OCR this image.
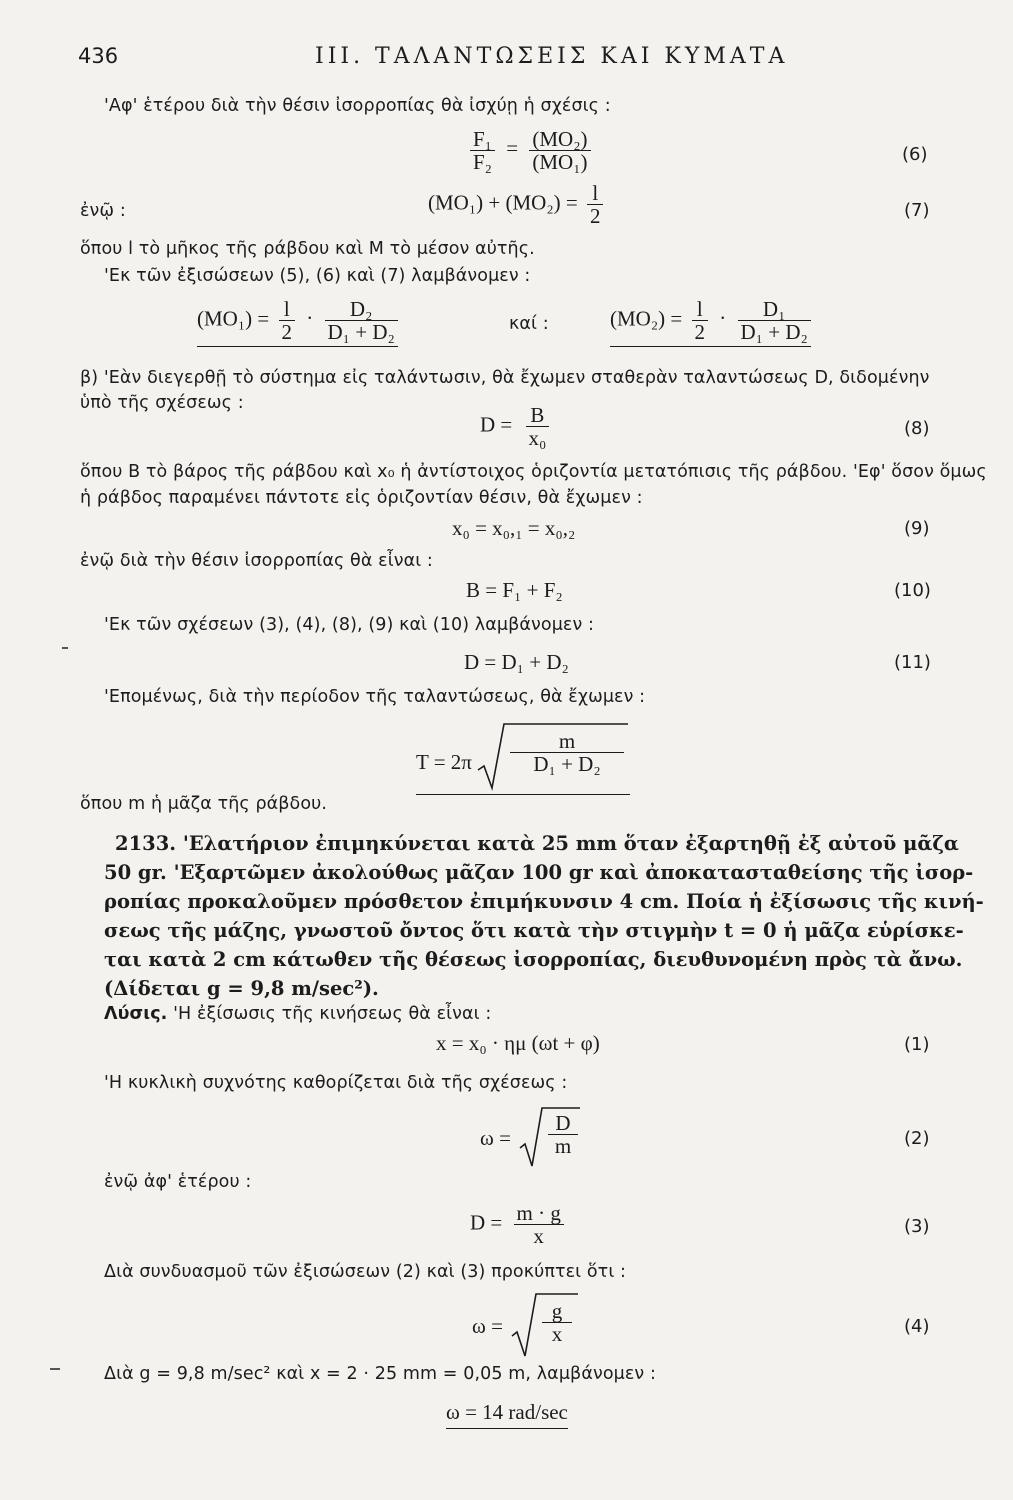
436	ΙΙΙ. ΤΑΛΑΝΤΩΣΕΙΣ ΚΑΙ ΚΥΜΑΤΑ
'Αφ' ἑτέρου διὰ τὴν θέσιν ἰσορροπίας θὰ ἰσχύῃ ἡ σχέσις :
$\frac{\text{F₁}}{\text{F₂}} = \frac{\text{(MO₂)}}{\text{(MO₁)}}$	(6)
ἐνῷ :	$(MO_1) + (MO_2) = \frac{l}{2}$	(7)
ὅπου l τὸ μῆκος τῆς ράβδου καὶ Μ τὸ μέσον αὐτῆς.
'Εκ τῶν ἐξισώσεων (5), (6) καὶ (7) λαμβάνομεν :
$(MO_1) = \frac{l}{2} \cdot \frac{\text{D₂}}{\text{D₁ + D₂}}$	καί :	$(MO_2) = \frac{l}{2} \cdot \frac{\text{D₁}}{\text{D₁ + D₂}}$
β) 'Εὰν διεγερθῇ τὸ σύστημα εἰς ταλάντωσιν, θὰ ἔχωμεν σταθερὰν ταλαντώσεως D, διδομένην
ὑπὸ τῆς σχέσεως :
$D = \frac{B}{\text{x₀}}$	(8)
ὅπου Β τὸ βάρος τῆς ράβδου καὶ x₀ ἡ ἀντίστοιχος ὁριζοντία μετατόπισις τῆς ράβδου. 'Εφ' ὅσον ὅμως
ἡ ράβδος παραμένει πάντοτε εἰς ὁριζοντίαν θέσιν, θὰ ἔχωμεν :
x₀ = x₀,₁ = x₀,₂	(9)
ἐνῷ διὰ τὴν θέσιν ἰσορροπίας θὰ εἶναι :
B = F₁ + F₂	(10)
'Εκ τῶν σχέσεων (3), (4), (8), (9) καὶ (10) λαμβάνομεν :
D = D₁ + D₂	(11)
'Επομένως, διὰ τὴν περίοδον τῆς ταλαντώσεως, θὰ ἔχωμεν :
$T = 2\pi \frac{m}{\text{D₁ + D₂}}$
ὅπου m ἡ μᾶζα τῆς ράβδου.
2133. 'Ελατήριον ἐπιμηκύνεται κατὰ 25 mm ὅταν ἐξαρτηθῇ ἐξ αὐτοῦ μᾶζα
50 gr. 'Εξαρτῶμεν ἀκολούθως μᾶζαν 100 gr καὶ ἀποκατασταθείσης τῆς ἰσορ-
ροπίας προκαλοῦμεν πρόσθετον ἐπιμήκυνσιν 4 cm. Ποία ἡ ἐξίσωσις τῆς κινή-
σεως τῆς μάζης, γνωστοῦ ὄντος ὅτι κατὰ τὴν στιγμὴν t = 0 ἡ μᾶζα εὑρίσκε-
ται κατὰ 2 cm κάτωθεν τῆς θέσεως ἰσορροπίας, διευθυνομένη πρὸς τὰ ἄνω.
(Δίδεται g = 9,8 m/sec²).
Λύσις. 'Η ἐξίσωσις τῆς κινήσεως θὰ εἶναι :
x = x₀ · ημ (ωt + φ)	(1)
'Η κυκλικὴ συχνότης καθορίζεται διὰ τῆς σχέσεως :
$\omega = \frac{D}{m}$	(2)
ἐνῷ ἀφ' ἑτέρου :
$D = \frac{m \cdot g}{x}$	(3)
Διὰ συνδυασμοῦ τῶν ἐξισώσεων (2) καὶ (3) προκύπτει ὅτι :
$\omega = \frac{g}{x}$	(4)
Διὰ g = 9,8 m/sec² καὶ x = 2 · 25 mm = 0,05 m, λαμβάνομεν :
ω = 14 rad/sec
